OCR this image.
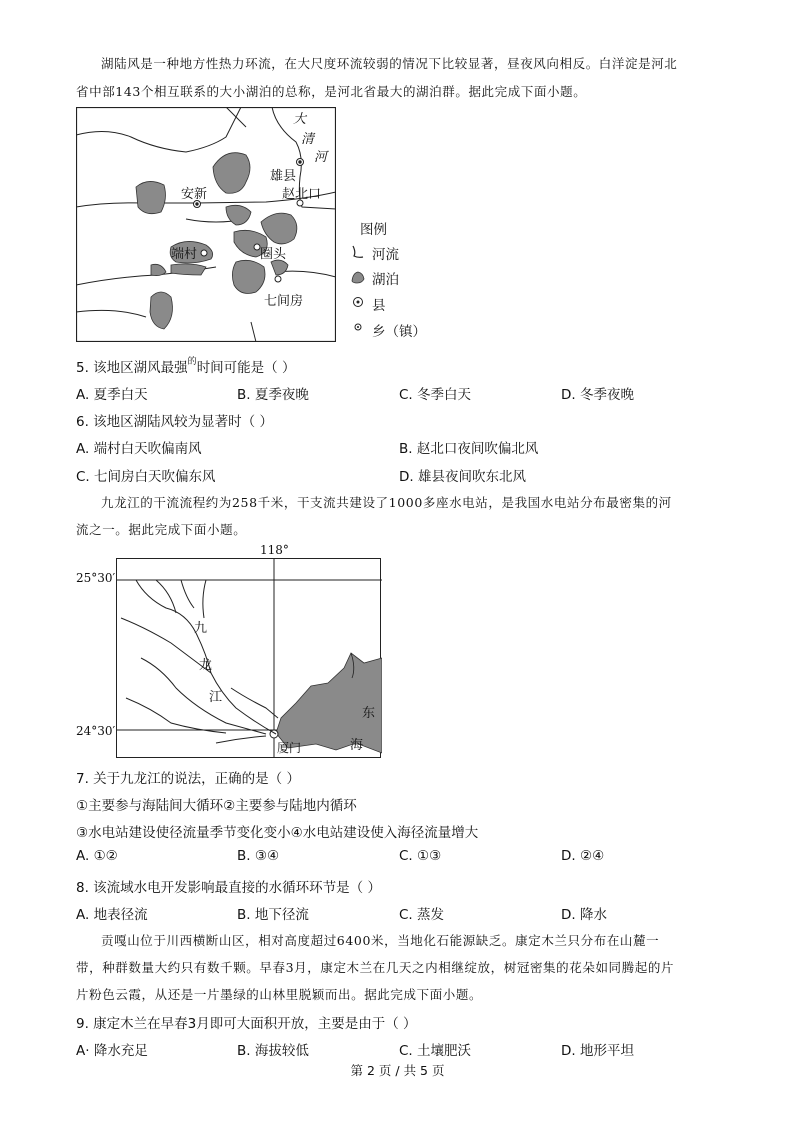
湖陆风是一种地方性热力环流，在大尺度环流较弱的情况下比较显著，昼夜风向相反。白洋淀是河北
省中部143个相互联系的大小湖泊的总称，是河北省最大的湖泊群。据此完成下面小题。
大
清
河
安新
雄县
赵北口
端村	圈头
七间房
图例
河流
湖泊
县
乡（镇）
5. 该地区湖风最强$^的$时间可能是（ ）
A. 夏季白天	B. 夏季夜晚	C. 冬季白天	D. 冬季夜晚
6. 该地区湖陆风较为显著时（ ）
A. 端村白天吹偏南风	B. 赵北口夜间吹偏北风
C. 七间房白天吹偏东风	D. 雄县夜间吹东北风
九龙江的干流流程约为258千米，干支流共建设了1000多座水电站，是我国水电站分布最密集的河
流之一。据此完成下面小题。
118°
25°30′
24°30′
九
龙
江
东
海
厦门
7. 关于九龙江的说法，正确的是（ ）
①主要参与海陆间大循环②主要参与陆地内循环
③水电站建设使径流量季节变化变小④水电站建设使入海径流量增大
A. ①②	B. ③④	C. ①③	D. ②④
8. 该流域水电开发影响最直接的水循环环节是（ ）
A. 地表径流	B. 地下径流	C. 蒸发	D. 降水
贡嘎山位于川西横断山区，相对高度超过6400米，当地化石能源缺乏。康定木兰只分布在山麓一
带，种群数量大约只有数千颗。早春3月，康定木兰在几天之内相继绽放，树冠密集的花朵如同腾起的片
片粉色云霞，从还是一片墨绿的山林里脱颖而出。据此完成下面小题。
9. 康定木兰在早春3月即可大面积开放，主要是由于（ ）
A· 降水充足	B. 海拔较低	C. 土壤肥沃	D. 地形平坦
第 2 页 / 共 5 页
